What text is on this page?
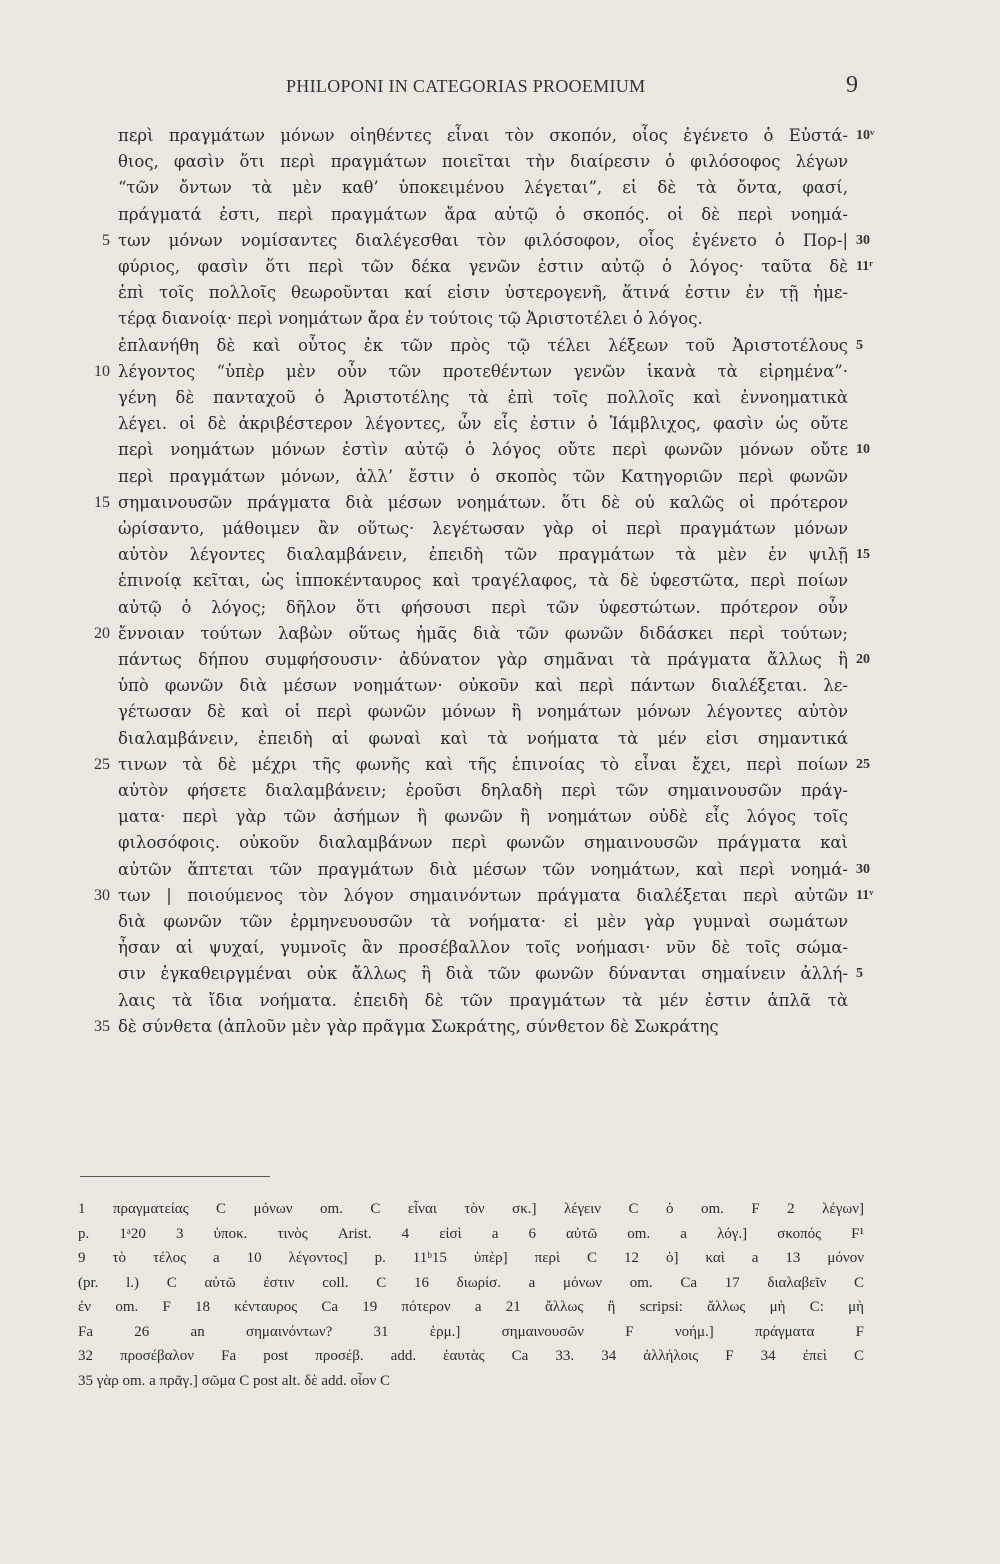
PHILOPONI IN CATEGORIAS PROOEMIUM	9
περὶ πραγμάτων μόνων οἰηθέντες εἶναι τὸν σκοπόν, οἷος ἐγένετο ὁ Εὐστά-
θιος, φασὶν ὅτι περὶ πραγμάτων ποιεῖται τὴν διαίρεσιν ὁ φιλόσοφος λέγων
“τῶν ὄντων τὰ μὲν καθ’ ὑποκειμένου λέγεται”, εἰ δὲ τὰ ὄντα, φασί,
πράγματά ἐστι, περὶ πραγμάτων ἄρα αὐτῷ ὁ σκοπός. οἱ δὲ περὶ νοημά-
των μόνων νομίσαντες διαλέγεσθαι τὸν φιλόσοφον, οἷος ἐγένετο ὁ Πορ-|
φύριος, φασὶν ὅτι περὶ τῶν δέκα γενῶν ἐστιν αὐτῷ ὁ λόγος· ταῦτα δὲ
ἐπὶ τοῖς πολλοῖς θεωροῦνται καί εἰσιν ὑστερογενῆ, ἅτινά ἐστιν ἐν τῇ ἡμε-
τέρᾳ διανοίᾳ· περὶ νοημάτων ἄρα ἐν τούτοις τῷ Ἀριστοτέλει ὁ λόγος.
ἐπλανήθη δὲ καὶ οὗτος ἐκ τῶν πρὸς τῷ τέλει λέξεων τοῦ Ἀριστοτέλους
λέγοντος “ὑπὲρ μὲν οὖν τῶν προτεθέντων γενῶν ἱκανὰ τὰ εἰρημένα”·
γένη δὲ πανταχοῦ ὁ Ἀριστοτέλης τὰ ἐπὶ τοῖς πολλοῖς καὶ ἐννοηματικὰ
λέγει. οἱ δὲ ἀκριβέστερον λέγοντες, ὧν εἷς ἐστιν ὁ Ἰάμβλιχος, φασὶν ὡς οὔτε
περὶ νοημάτων μόνων ἐστὶν αὐτῷ ὁ λόγος οὔτε περὶ φωνῶν μόνων οὔτε
περὶ πραγμάτων μόνων, ἀλλ’ ἔστιν ὁ σκοπὸς τῶν Κατηγοριῶν περὶ φωνῶν
σημαινουσῶν πράγματα διὰ μέσων νοημάτων. ὅτι δὲ οὐ καλῶς οἱ πρότερον
ὡρίσαντο, μάθοιμεν ἂν οὕτως· λεγέτωσαν γὰρ οἱ περὶ πραγμάτων μόνων
αὐτὸν λέγοντες διαλαμβάνειν, ἐπειδὴ τῶν πραγμάτων τὰ μὲν ἐν ψιλῇ
ἐπινοίᾳ κεῖται, ὡς ἱπποκένταυρος καὶ τραγέλαφος, τὰ δὲ ὑφεστῶτα, περὶ ποίων
αὐτῷ ὁ λόγος; δῆλον ὅτι φήσουσι περὶ τῶν ὑφεστώτων. πρότερον οὖν
ἔννοιαν τούτων λαβὼν οὕτως ἡμᾶς διὰ τῶν φωνῶν διδάσκει περὶ τούτων;
πάντως δήπου συμφήσουσιν· ἀδύνατον γὰρ σημᾶναι τὰ πράγματα ἄλλως ἢ
ὑπὸ φωνῶν διὰ μέσων νοημάτων· οὐκοῦν καὶ περὶ πάντων διαλέξεται. λε-
γέτωσαν δὲ καὶ οἱ περὶ φωνῶν μόνων ἢ νοημάτων μόνων λέγοντες αὐτὸν
διαλαμβάνειν, ἐπειδὴ αἱ φωναὶ καὶ τὰ νοήματα τὰ μέν εἰσι σημαντικά
τινων τὰ δὲ μέχρι τῆς φωνῆς καὶ τῆς ἐπινοίας τὸ εἶναι ἔχει, περὶ ποίων
αὐτὸν φήσετε διαλαμβάνειν; ἐροῦσι δηλαδὴ περὶ τῶν σημαινουσῶν πράγ-
ματα· περὶ γὰρ τῶν ἀσήμων ἢ φωνῶν ἢ νοημάτων οὐδὲ εἷς λόγος τοῖς
φιλοσόφοις. οὐκοῦν διαλαμβάνων περὶ φωνῶν σημαινουσῶν πράγματα καὶ
αὐτῶν ἅπτεται τῶν πραγμάτων διὰ μέσων τῶν νοημάτων, καὶ περὶ νοημά-
των | ποιούμενος τὸν λόγον σημαινόντων πράγματα διαλέξεται περὶ αὐτῶν
διὰ φωνῶν τῶν ἑρμηνευουσῶν τὰ νοήματα· εἰ μὲν γὰρ γυμναὶ σωμάτων
ἦσαν αἱ ψυχαί, γυμνοῖς ἂν προσέβαλλον τοῖς νοήμασι· νῦν δὲ τοῖς σώμα-
σιν ἐγκαθειργμέναι οὐκ ἄλλως ἢ διὰ τῶν φωνῶν δύνανται σημαίνειν ἀλλή-
λαις τὰ ἴδια νοήματα. ἐπειδὴ δὲ τῶν πραγμάτων τὰ μέν ἐστιν ἁπλᾶ τὰ
δὲ σύνθετα (ἁπλοῦν μὲν γὰρ πρᾶγμα Σωκράτης, σύνθετον δὲ Σωκράτης
5
10
15
20
25
30
35
10ᵛ
30
11ʳ
5
10
15
20
25
30
11ᵛ
5
1 πραγματείας C μόνων om. C εἶναι τὸν σκ.] λέγειν C ὁ om. F 2 λέγων]
p. 1ᵃ20 3 ὑποκ. τινὸς Arist. 4 εἰσὶ a 6 αὐτῶ om. a λόγ.] σκοπός F¹
9 τὸ τέλος a 10 λέγοντος] p. 11ᵇ15 ὑπὲρ] περὶ C 12 ὁ] καὶ a 13 μόνον
(pr. l.) C αὐτῶ ἐστιν coll. C 16 διωρίσ. a μόνων om. Ca 17 διαλαβεῖν C
ἐν om. F 18 κένταυρος Ca 19 πότερον a 21 ἄλλως ἢ scripsi: ἄλλως μὴ C: μὴ
Fa 26 an σημαινόντων? 31 ἑρμ.] σημαινουσῶν F νοήμ.] πράγματα F
32 προσέβαλον Fa post προσέβ. add. ἑαυτὰς Ca 33. 34 ἀλλήλοις F 34 ἐπεὶ C
35 γὰρ om. a πρᾶγ.] σῶμα C post alt. δὲ add. οἷον C
